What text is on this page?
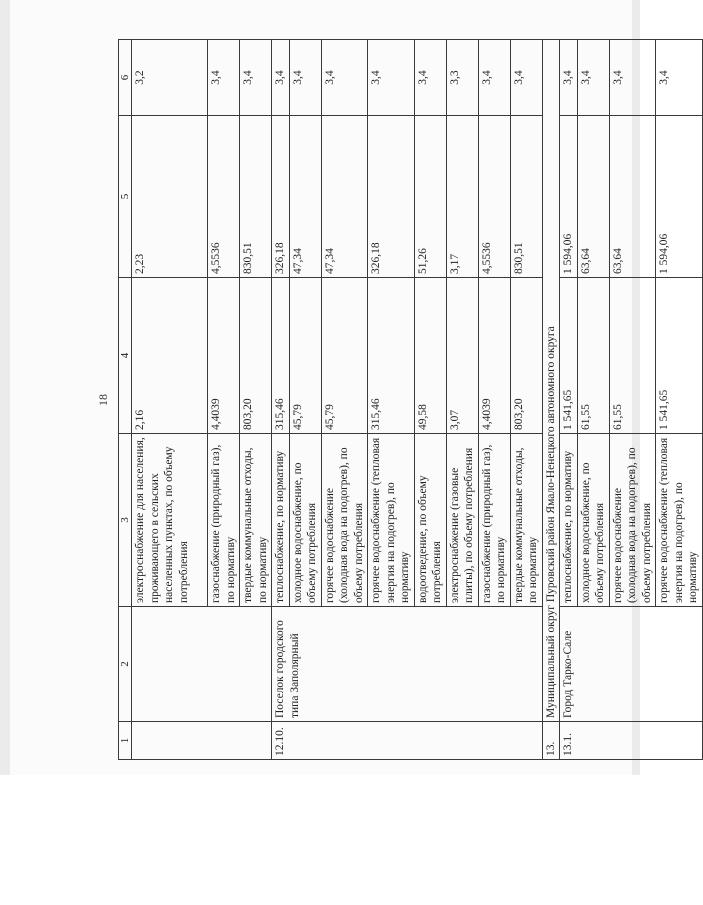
18
1	2	3	4	5	6
		электроснабжение для населения, проживающего в сельских населенных пунктах, по объему потребления	2,16	2,23	3,2
		газоснабжение (природный газ), по нормативу	4,4039	4,5536	3,4
		твердые коммунальные отходы, по нормативу	803,20	830,51	3,4
12.10.	Поселок городского типа Заполярный	теплоснабжение, по нормативу	315,46	326,18	3,4
		холодное водоснабжение, по объему потребления	45,79	47,34	3,4
		горячее водоснабжение (холодная вода на подогрев), по объему потребления	45,79	47,34	3,4
		горячее водоснабжение (тепловая энергия на подогрев), по нормативу	315,46	326,18	3,4
		водоотведение, по объему потребления	49,58	51,26	3,4
		электроснабжение (газовые плиты), по объему потребления	3,07	3,17	3,3
		газоснабжение (природный газ), по нормативу	4,4039	4,5536	3,4
		твердые коммунальные отходы, по нормативу	803,20	830,51	3,4
13.	Муниципальный округ Пуровский район Ямало-Ненецкого автономного округа				
13.1.	Город Тарко-Сале	теплоснабжение, по нормативу	1 541,65	1 594,06	3,4
		холодное водоснабжение, по объему потребления	61,55	63,64	3,4
		горячее водоснабжение (холодная вода на подогрев), по объему потребления	61,55	63,64	3,4
		горячее водоснабжение (тепловая энергия на подогрев), по нормативу	1 541,65	1 594,06	3,4
